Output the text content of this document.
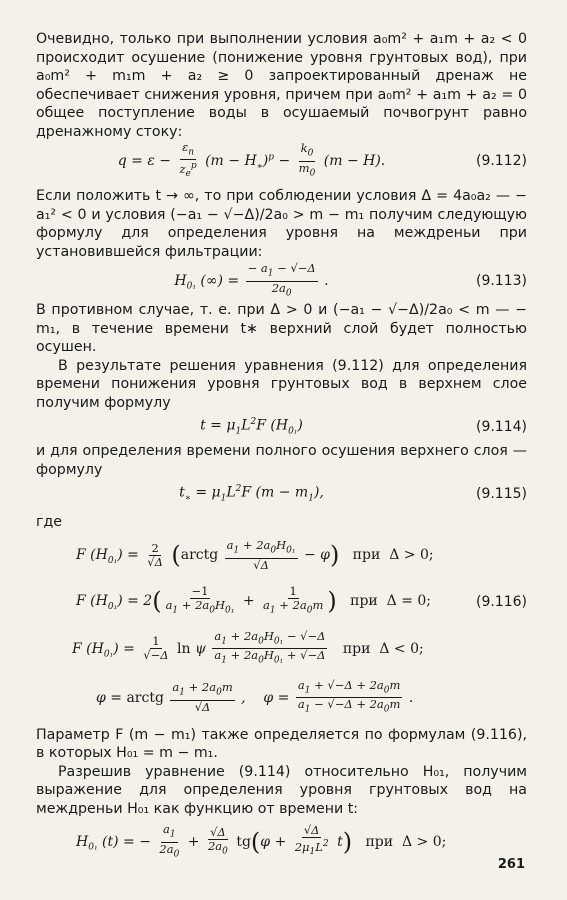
Очевидно, только при выполнении условия a₀m² + a₁m + a₂ < 0 происходит осушение (понижение уровня грунтовых вод), при a₀m² + m₁m + a₂ ≥ 0 запроектированный дренаж не обеспечивает снижения уровня, причем при a₀m² + a₁m + a₂ = 0 общее поступление воды в осушаемый почвогрунт равно дренажному стоку:

$q = \varepsilon - \frac{\varepsilon_п}{z_e^p} (m - H_∗)^p - \frac{k_0}{m_0} (m - H)$.	(9.112)

Если положить t → ∞, то при соблюдении условия Δ = 4a₀a₂ — − a₁² < 0 и условия (−a₁ − √−Δ)/2a₀ > m − m₁ получим следующую формулу для определения уровня на междреньи при установившейся фильтрации:

$H_{0_1}$ (∞) = $\frac{- a_1 - √-\Delta}{2a_0}$ .	(9.113)

В противном случае, т. е. при Δ > 0 и (−a₁ − √−Δ)/2a₀ < m — − m₁, в течение времени t∗ верхний слой будет полностью осушен.

В результате решения уравнения (9.112) для определения времени понижения уровня грунтовых вод в верхнем слое получим формулу

$t = \mu_1L^2F$ $(H_{0_1})$	(9.114)

и для определения времени полного осушения верхнего слоя — формулу

$t_∗ = \mu_1L^2F$ $(m - m_1)$,	(9.115)

где

F $(H_{0_1}) = \frac{2}{√\Delta}$ (arctg $\frac{a_1 + 2a_0H_{0_1}}{√\Delta} - \varphi$) при  Δ > 0;
F $(H_{0_1}) = 2( \frac{-1}{a_1 + 2a_0H_{0_1}} + \frac{1}{a_1 + 2a_0m}$ ) при  Δ = 0;	(9.116)
F $(H_{0_1}) = \frac{1}{√-\Delta}$ ln ψ $\frac{a_1 + 2a_0H_{0_1} - √-\Delta}{a_1 + 2a_0H_{0_1} + √-\Delta}$ при  Δ < 0;
φ = arctg $\frac{a_1 + 2a_0m}{√\Delta}$ ,    $\varphi = \frac{a_1 + √-\Delta + 2a_0m}{a_1 - √-\Delta + 2a_0m}$ .

Параметр F (m − m₁) также определяется по формулам (9.116), в которых H₀₁ = m − m₁.

Разрешив уравнение (9.114) относительно H₀₁, получим выражение для определения уровня грунтовых вод на междреньи H₀₁ как функцию от времени t:

$H_{0_1}$ (t) = − $\frac{a_1}{2a_0} + \frac{√\Delta}{2a_0} tg(\varphi + \frac{√\Delta}{2\mu_1L^2} t)$ при  Δ > 0;
261
